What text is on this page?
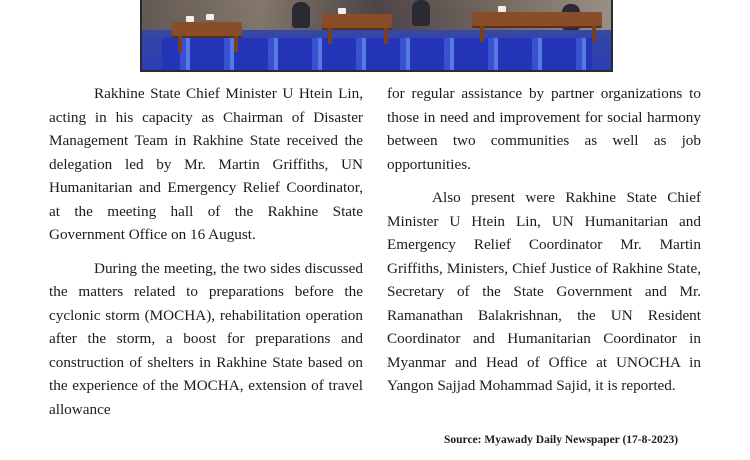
Rakhine State Chief Minister U Htein Lin, acting in his capacity as Chairman of Disaster Management Team in Rakhine State received the delegation led by Mr. Martin Griffiths, UN Humanitarian and Emergency Relief Coordinator, at the meeting hall of the Rakhine State Government Office on 16 August.

During the meeting, the two sides discussed the matters related to preparations before the cyclonic storm (MOCHA), rehabilitation operation after the storm, a boost for preparations and construction of shelters in Rakhine State based on the experience of the MOCHA, extension of travel allowance

for regular assistance by partner organizations to those in need and improvement for social harmony between two communities as well as job opportunities.

Also present were Rakhine State Chief Minister U Htein Lin, UN Humanitarian and Emergency Relief Coordinator Mr. Martin Griffiths, Ministers, Chief Justice of Rakhine State, Secretary of the State Government and Mr. Ramanathan Balakrishnan, the UN Resident Coordinator and Humanitarian Coordinator in Myanmar and Head of Office at UNOCHA in Yangon Sajjad Mohammad Sajid, it is reported.

Source: Myawady Daily Newspaper (17-8-2023)
